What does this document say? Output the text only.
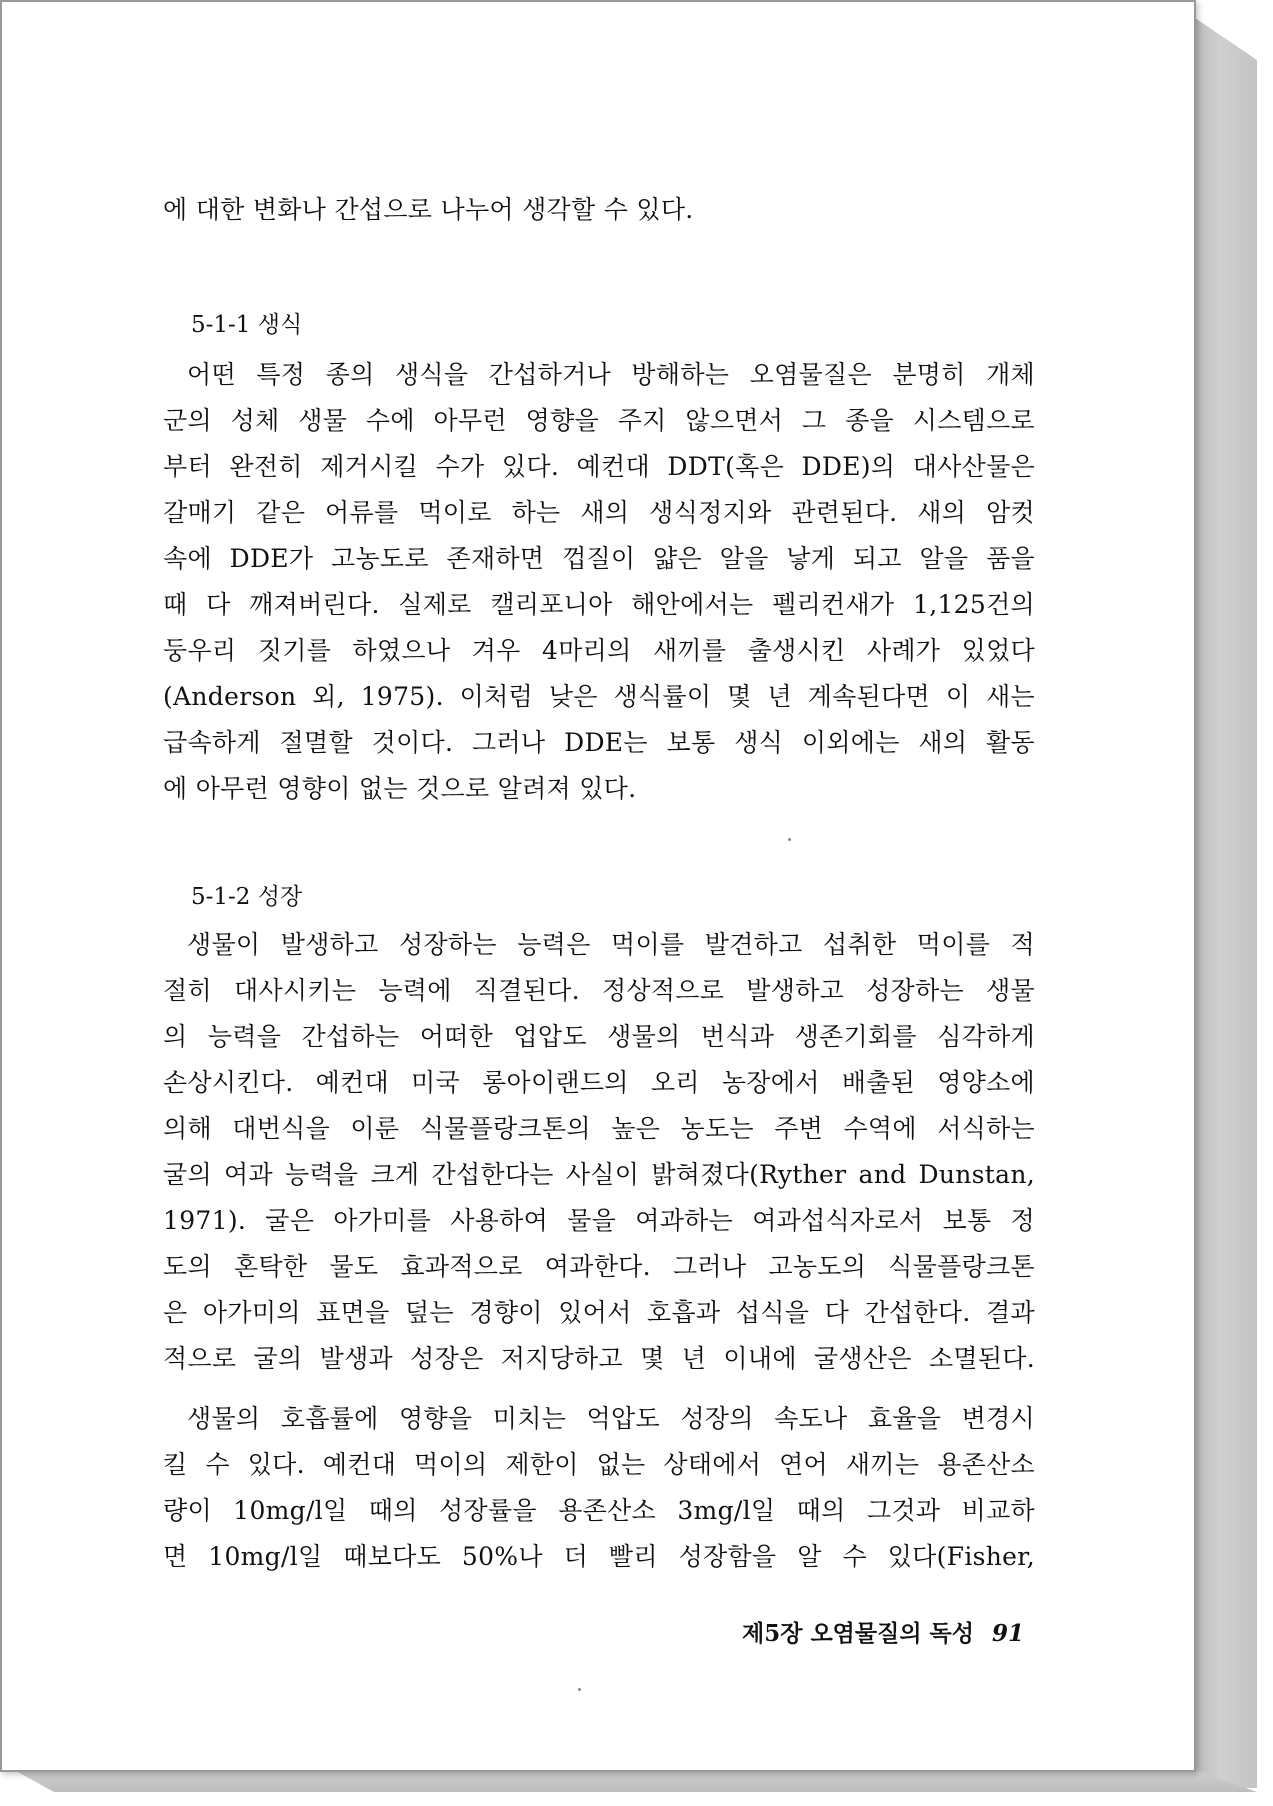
에 대한 변화나 간섭으로 나누어 생각할 수 있다.
5-1-1 생식
어떤 특정 종의 생식을 간섭하거나 방해하는 오염물질은 분명히 개체
군의 성체 생물 수에 아무런 영향을 주지 않으면서 그 종을 시스템으로
부터 완전히 제거시킬 수가 있다. 예컨대 DDT(혹은 DDE)의 대사산물은
갈매기 같은 어류를 먹이로 하는 새의 생식정지와 관련된다. 새의 암컷
속에 DDE가 고농도로 존재하면 껍질이 얇은 알을 낳게 되고 알을 품을
때 다 깨져버린다. 실제로 캘리포니아 해안에서는 펠리컨새가 1,125건의
둥우리 짓기를 하였으나 겨우 4마리의 새끼를 출생시킨 사례가 있었다
(Anderson 외, 1975). 이처럼 낮은 생식률이 몇 년 계속된다면 이 새는
급속하게 절멸할 것이다. 그러나 DDE는 보통 생식 이외에는 새의 활동
에 아무런 영향이 없는 것으로 알려져 있다.
5-1-2 성장
생물이 발생하고 성장하는 능력은 먹이를 발견하고 섭취한 먹이를 적
절히 대사시키는 능력에 직결된다. 정상적으로 발생하고 성장하는 생물
의 능력을 간섭하는 어떠한 업압도 생물의 번식과 생존기회를 심각하게
손상시킨다. 예컨대 미국 롱아이랜드의 오리 농장에서 배출된 영양소에
의해 대번식을 이룬 식물플랑크톤의 높은 농도는 주변 수역에 서식하는
굴의 여과 능력을 크게 간섭한다는 사실이 밝혀졌다(Ryther and Dunstan,
1971). 굴은 아가미를 사용하여 물을 여과하는 여과섭식자로서 보통 정
도의 혼탁한 물도 효과적으로 여과한다. 그러나 고농도의 식물플랑크톤
은 아가미의 표면을 덮는 경향이 있어서 호흡과 섭식을 다 간섭한다. 결과
적으로 굴의 발생과 성장은 저지당하고 몇 년 이내에 굴생산은 소멸된다.
생물의 호흡률에 영향을 미치는 억압도 성장의 속도나 효율을 변경시
킬 수 있다. 예컨대 먹이의 제한이 없는 상태에서 연어 새끼는 용존산소
량이 10mg/l일 때의 성장률을 용존산소 3mg/l일 때의 그것과 비교하
면 10mg/l일 때보다도 50%나 더 빨리 성장함을 알 수 있다(Fisher,
제5장 오염물질의 독성 91
